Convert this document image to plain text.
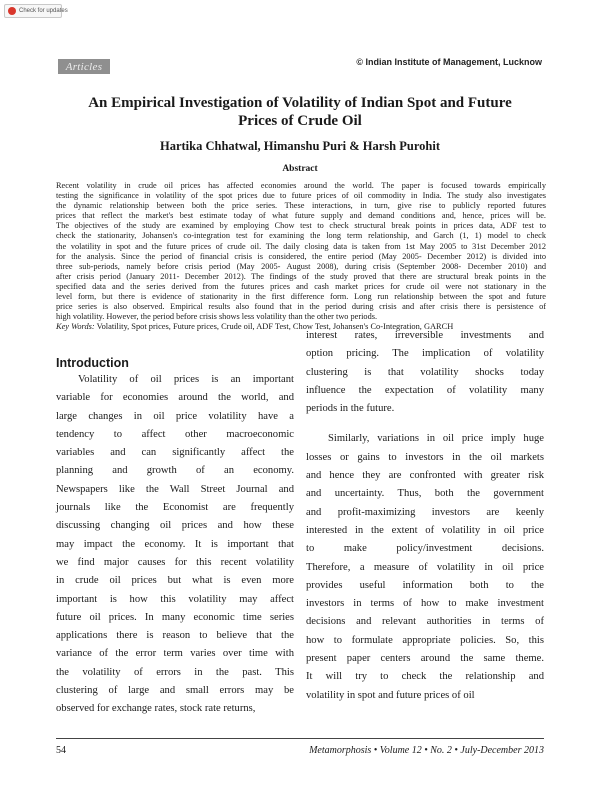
Check for updates
Articles	© Indian Institute of Management, Lucknow
An Empirical Investigation of Volatility of Indian Spot and Future
Prices of Crude Oil
Hartika Chhatwal, Himanshu Puri & Harsh Purohit
Abstract
Recent volatility in crude oil prices has affected economies around the world. The paper is focused towards empirically
testing the significance in volatility of the spot prices due to future prices of oil commodity in India. The study also investigates
the dynamic relationship between both the price series. These interactions, in turn, give rise to publicly reported futures
prices that reflect the market's best estimate today of what future supply and demand conditions and, hence, prices will be.
The objectives of the study are examined by employing Chow test to check structural break points in prices data, ADF test to
check the stationarity, Johansen's co-integration test for examining the long term relationship, and Garch (1, 1) model to check
the volatility in spot and the future prices of crude oil. The daily closing data is taken from 1st May 2005 to 31st December 2012
for the analysis. Since the period of financial crisis is considered, the entire period (May 2005- December 2012) is divided into
three sub-periods, namely before crisis period (May 2005- August 2008), during crisis (September 2008- December 2010) and
after crisis period (January 2011- December 2012). The findings of the study proved that there are structural break points in the
specified data and the series derived from the futures prices and cash market prices for crude oil were not stationary in the
level form, but there is evidence of stationarity in the first difference form. Long run relationship between the spot and future
price series is also observed. Empirical results also found that in the period during crisis and after crisis there is persistence of
high volatility. However, the period before crisis shows less volatility than the other two periods.
Key Words: Volatility, Spot prices, Future prices, Crude oil, ADF Test, Chow Test, Johansen's Co-Integration, GARCH
Introduction
Volatility of oil prices is an important
variable for economies around the world, and
large changes in oil price volatility have a
tendency to affect other macroeconomic
variables and can significantly affect the
planning and growth of an economy.
Newspapers like the Wall Street Journal and
journals like the Economist are frequently
discussing changing oil prices and how these
may impact the economy. It is important that
we find major causes for this recent volatility
in crude oil prices but what is even more
important is how this volatility may affect
future oil prices. In many economic time series
applications there is reason to believe that the
variance of the error term varies over time with
the volatility of errors in the past. This
clustering of large and small errors may be
observed for exchange rates, stock rate returns,
interest rates, irreversible investments and
option pricing. The implication of volatility
clustering is that volatility shocks today
influence the expectation of volatility many
periods in the future.
Similarly, variations in oil price imply huge
losses or gains to investors in the oil markets
and hence they are confronted with greater risk
and uncertainty. Thus, both the government
and profit-maximizing investors are keenly
interested in the extent of volatility in oil price
to make policy/investment decisions.
Therefore, a measure of volatility in oil price
provides useful information both to the
investors in terms of how to make investment
decisions and relevant authorities in terms of
how to formulate appropriate policies. So, this
present paper centers around the same theme.
It will try to check the relationship and
volatility in spot and future prices of oil
54	Metamorphosis • Volume 12 • No. 2 • July-December 2013
